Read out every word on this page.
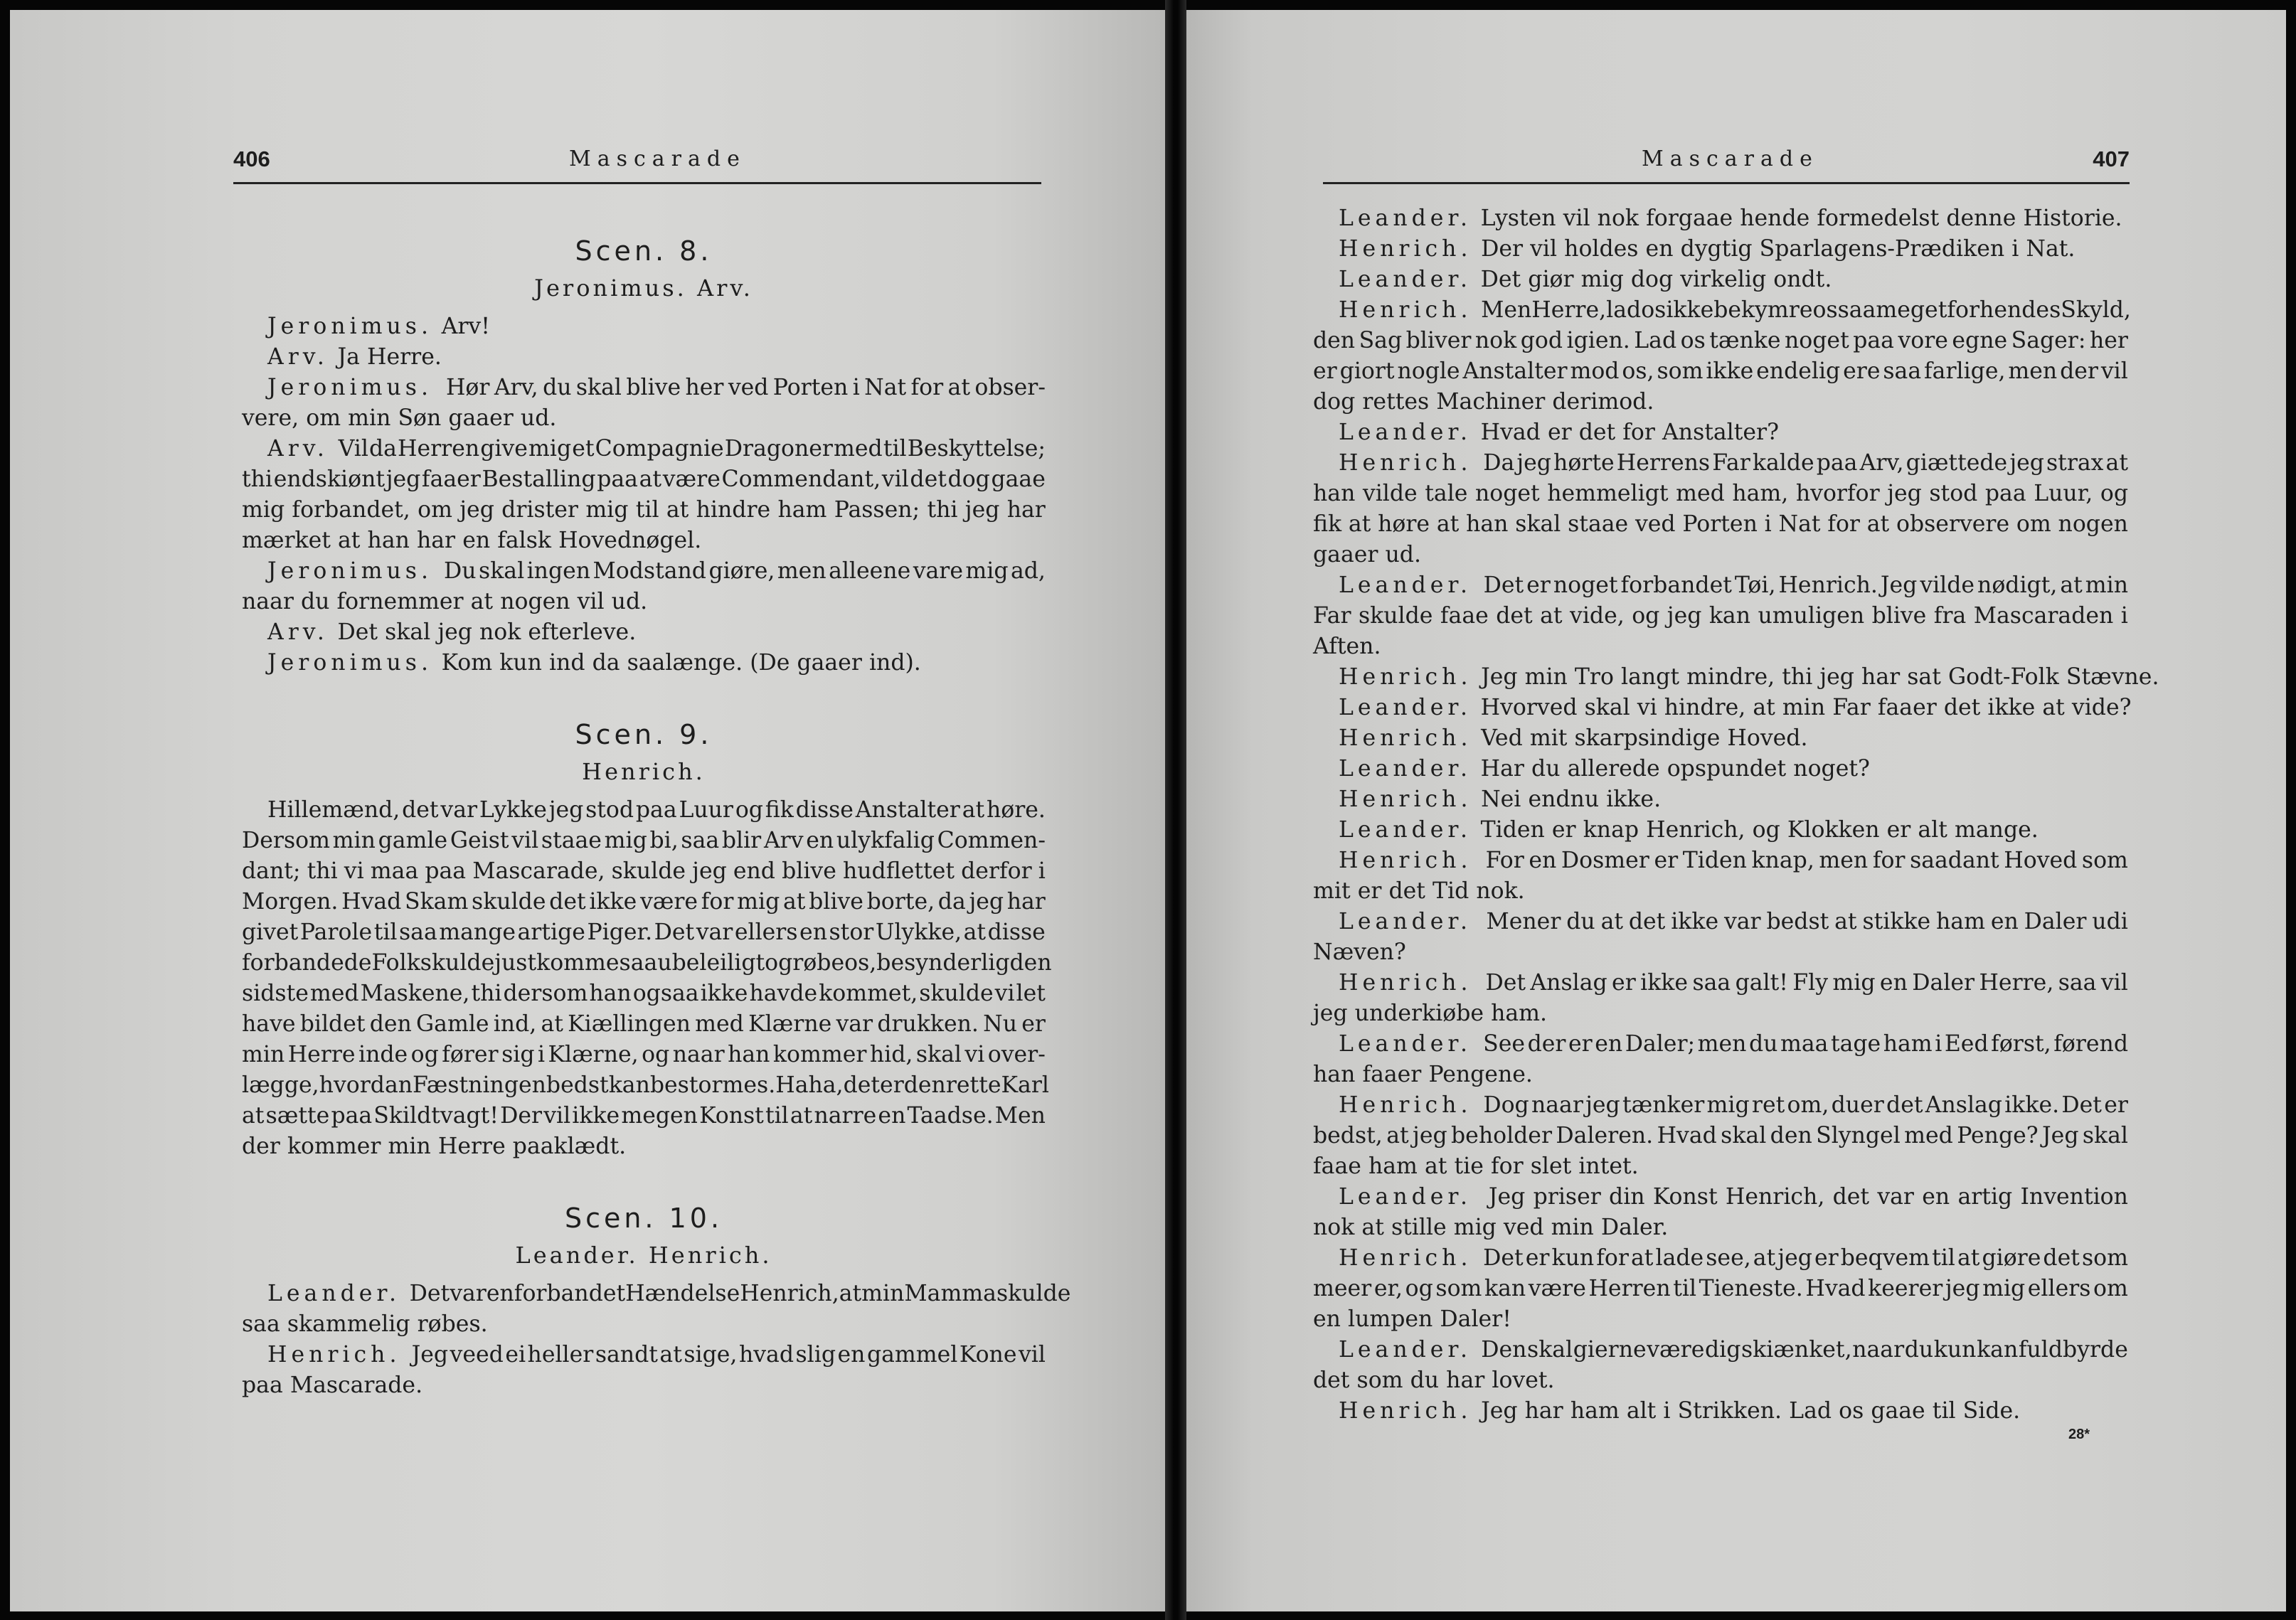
406	Mascarade
Scen. 8.
Jeronimus. Arv.
Jeronimus. Arv!
Arv. Ja Herre.
Jeronimus. Hør Arv, du skal blive her ved Porten i Nat for at obser-
vere, om min Søn gaaer ud.
Arv. Vil da Herren give mig et Compagnie Dragoner med til Beskyttelse;
thi endskiønt jeg faaer Bestalling paa at være Commendant, vil det dog gaae
mig forbandet, om jeg drister mig til at hindre ham Passen; thi jeg har
mærket at han har en falsk Hovednøgel.
Jeronimus. Du skal ingen Modstand giøre, men alleene vare mig ad,
naar du fornemmer at nogen vil ud.
Arv. Det skal jeg nok efterleve.
Jeronimus. Kom kun ind da saalænge. (De gaaer ind).
Scen. 9.
Henrich.
Hillemænd, det var Lykke jeg stod paa Luur og fik disse Anstalter at høre.
Dersom min gamle Geist vil staae mig bi, saa blir Arv en ulykfalig Commen-
dant; thi vi maa paa Mascarade, skulde jeg end blive hudflettet derfor i
Morgen. Hvad Skam skulde det ikke være for mig at blive borte, da jeg har
givet Parole til saa mange artige Piger. Det var ellers en stor Ulykke, at disse
forbandede Folk skulde just komme saa ubeleiligt og røbe os, besynderlig den
sidste med Maskene, thi dersom han ogsaa ikke havde kommet, skulde vi let
have bildet den Gamle ind, at Kiællingen med Klærne var drukken. Nu er
min Herre inde og fører sig i Klærne, og naar han kommer hid, skal vi over-
lægge, hvordan Fæstningen bedst kan bestormes. Ha ha, det er den rette Karl
at sætte paa Skildtvagt! Der vil ikke megen Konst til at narre en Taadse. Men
der kommer min Herre paaklædt.
Scen. 10.
Leander. Henrich.
Leander. Det var en forbandet Hændelse Henrich, at min Mamma skulde
saa skammelig røbes.
Henrich. Jeg veed ei heller sandt at sige, hvad slig en gammel Kone vil
paa Mascarade.
Mascarade	407
Leander. Lysten vil nok forgaae hende formedelst denne Historie.
Henrich. Der vil holdes en dygtig Sparlagens-Prædiken i Nat.
Leander. Det giør mig dog virkelig ondt.
Henrich. Men Herre, lad os ikke bekymre os saa meget for hendes Skyld,
den Sag bliver nok god igien. Lad os tænke noget paa vore egne Sager: her
er giort nogle Anstalter mod os, som ikke endelig ere saa farlige, men der vil
dog rettes Machiner derimod.
Leander. Hvad er det for Anstalter?
Henrich. Da jeg hørte Herrens Far kalde paa Arv, giættede jeg strax at
han vilde tale noget hemmeligt med ham, hvorfor jeg stod paa Luur, og
fik at høre at han skal staae ved Porten i Nat for at observere om nogen
gaaer ud.
Leander. Det er noget forbandet Tøi, Henrich. Jeg vilde nødigt, at min
Far skulde faae det at vide, og jeg kan umuligen blive fra Mascaraden i
Aften.
Henrich. Jeg min Tro langt mindre, thi jeg har sat Godt-Folk Stævne.
Leander. Hvorved skal vi hindre, at min Far faaer det ikke at vide?
Henrich. Ved mit skarpsindige Hoved.
Leander. Har du allerede opspundet noget?
Henrich. Nei endnu ikke.
Leander. Tiden er knap Henrich, og Klokken er alt mange.
Henrich. For en Dosmer er Tiden knap, men for saadant Hoved som
mit er det Tid nok.
Leander. Mener du at det ikke var bedst at stikke ham en Daler udi
Næven?
Henrich. Det Anslag er ikke saa galt! Fly mig en Daler Herre, saa vil
jeg underkiøbe ham.
Leander. See der er en Daler; men du maa tage ham i Eed først, førend
han faaer Pengene.
Henrich. Dog naar jeg tænker mig ret om, duer det Anslag ikke. Det er
bedst, at jeg beholder Daleren. Hvad skal den Slyngel med Penge? Jeg skal
faae ham at tie for slet intet.
Leander. Jeg priser din Konst Henrich, det var en artig Invention
nok at stille mig ved min Daler.
Henrich. Det er kun for at lade see, at jeg er beqvem til at giøre det som
meer er, og som kan være Herren til Tieneste. Hvad keerer jeg mig ellers om
en lumpen Daler!
Leander. Den skal gierne være dig skiænket, naar du kun kan fuldbyrde
det som du har lovet.
Henrich. Jeg har ham alt i Strikken. Lad os gaae til Side.
28*
